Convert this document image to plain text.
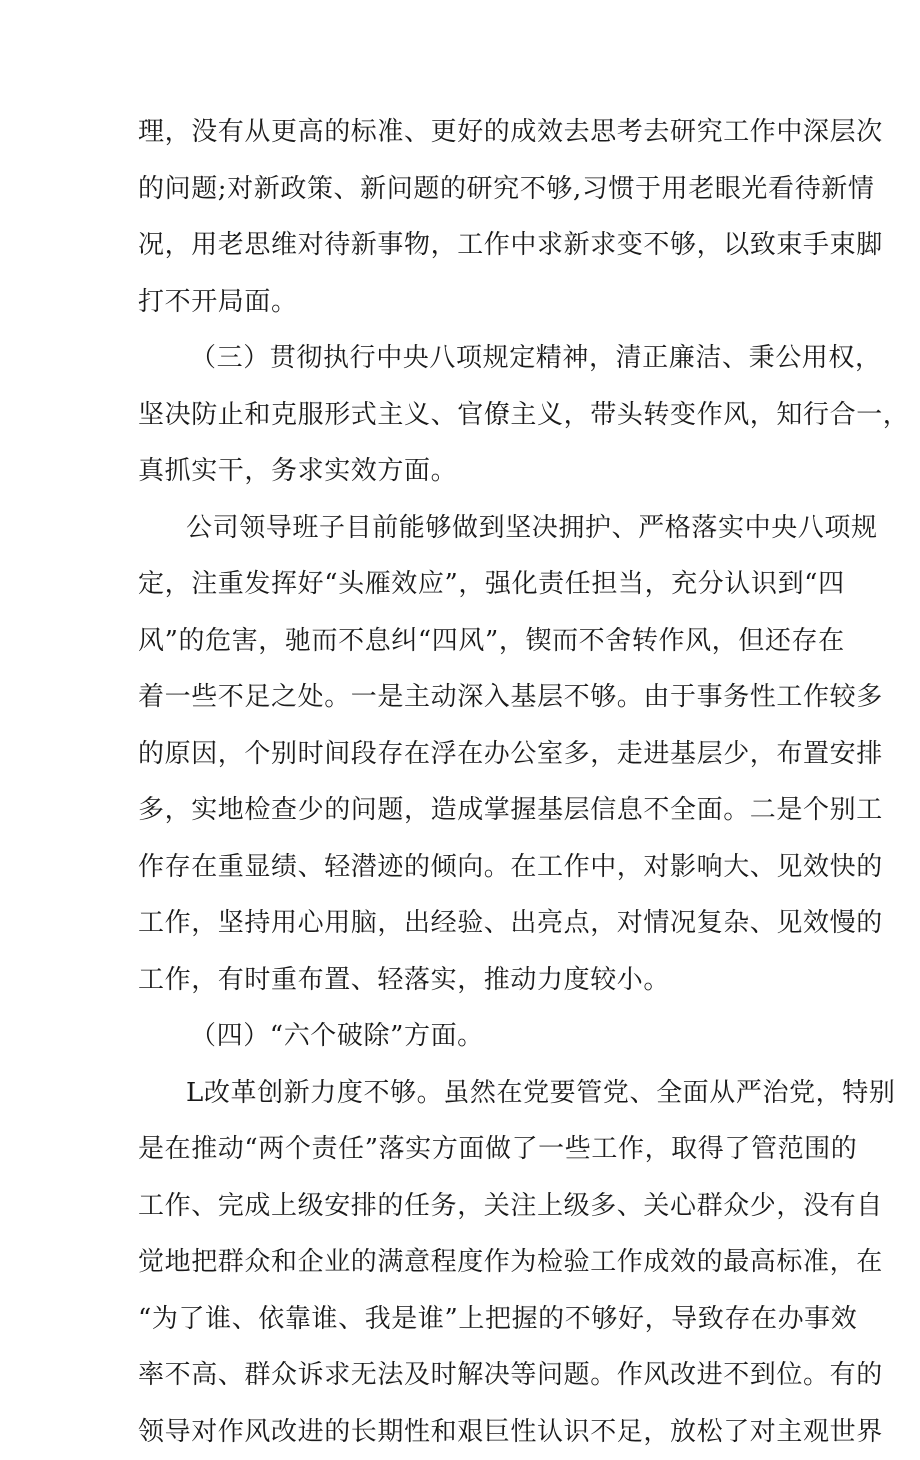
理，没有从更高的标准、更好的成效去思考去研究工作中深层次
的问题;对新政策、新问题的研究不够,习惯于用老眼光看待新情
况，用老思维对待新事物，工作中求新求变不够，以致束手束脚
打不开局面。
（三）贯彻执行中央八项规定精神，清正廉洁、秉公用权，
坚决防止和克服形式主义、官僚主义，带头转变作风，知行合一，
真抓实干，务求实效方面。
公司领导班子目前能够做到坚决拥护、严格落实中央八项规
定，注重发挥好“头雁效应”，强化责任担当，充分认识到“四
风”的危害，驰而不息纠“四风”，锲而不舍转作风，但还存在
着一些不足之处。一是主动深入基层不够。由于事务性工作较多
的原因，个别时间段存在浮在办公室多，走进基层少，布置安排
多，实地检查少的问题，造成掌握基层信息不全面。二是个别工
作存在重显绩、轻潜迹的倾向。在工作中，对影响大、见效快的
工作，坚持用心用脑，出经验、出亮点，对情况复杂、见效慢的
工作，有时重布置、轻落实，推动力度较小。
（四）“六个破除”方面。
L改革创新力度不够。虽然在党要管党、全面从严治党，特别
是在推动“两个责任”落实方面做了一些工作，取得了管范围的
工作、完成上级安排的任务，关注上级多、关心群众少，没有自
觉地把群众和企业的满意程度作为检验工作成效的最高标准，在
“为了谁、依靠谁、我是谁”上把握的不够好，导致存在办事效
率不高、群众诉求无法及时解决等问题。作风改进不到位。有的
领导对作风改进的长期性和艰巨性认识不足，放松了对主观世界
